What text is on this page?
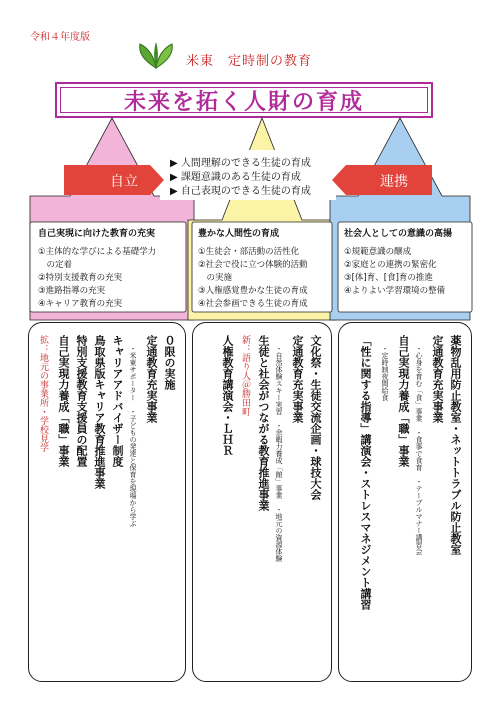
令和４年度版
米東　定時制の教育
未来を拓く人財の育成
▶ 人間理解のできる生徒の育成
▶ 課題意識のある生徒の育成
▶ 自己表現のできる生徒の育成
自立	連携
自己実現に向けた教育の充実
①主体的な学びによる基礎学力
　の定着
②特別支援教育の充実
③進路指導の充実
④キャリア教育の充実
豊かな人間性の育成
①生徒会・部活動の活性化
②社会で役に立つ体験的活動
　の実施
③人権感覚豊かな生徒の育成
④社会参画できる生徒の育成
社会人としての意識の高揚
①規範意識の醸成
②家庭との連携の緊密化
③[体]育、[食]育の推進
④よりよい学習環境の整備
０限の実施
定通教育充実事業
・米東サポーター　・子どもの発達と保育を現場から学ぶ
キャリアアドバイザー制度
鳥取県版キャリア教育推進事業
特別支援教育支援員の配置
自己実現力養成「職」事業
拡：地元の事業所・学校見学	文化祭・生徒交流企画・球技大会
定通教育充実事業
・自然体験スキー実習　・余暇力養成「館」事業　・地元の資源体験
生徒と社会がつながる教育推進事業
新：語り人＠勝田町
人権教育講演会・ＬＨＲ	薬物乱用防止教室・ネットトラブル防止教室
定通教育充実事業
・心身を育む「食」事業　・食事で食育　・テーブルマナー講習会
自己実現力養成「職」事業
・定時制夜間給食
「性に関する指導」講演会・ストレスマネジメント講習
